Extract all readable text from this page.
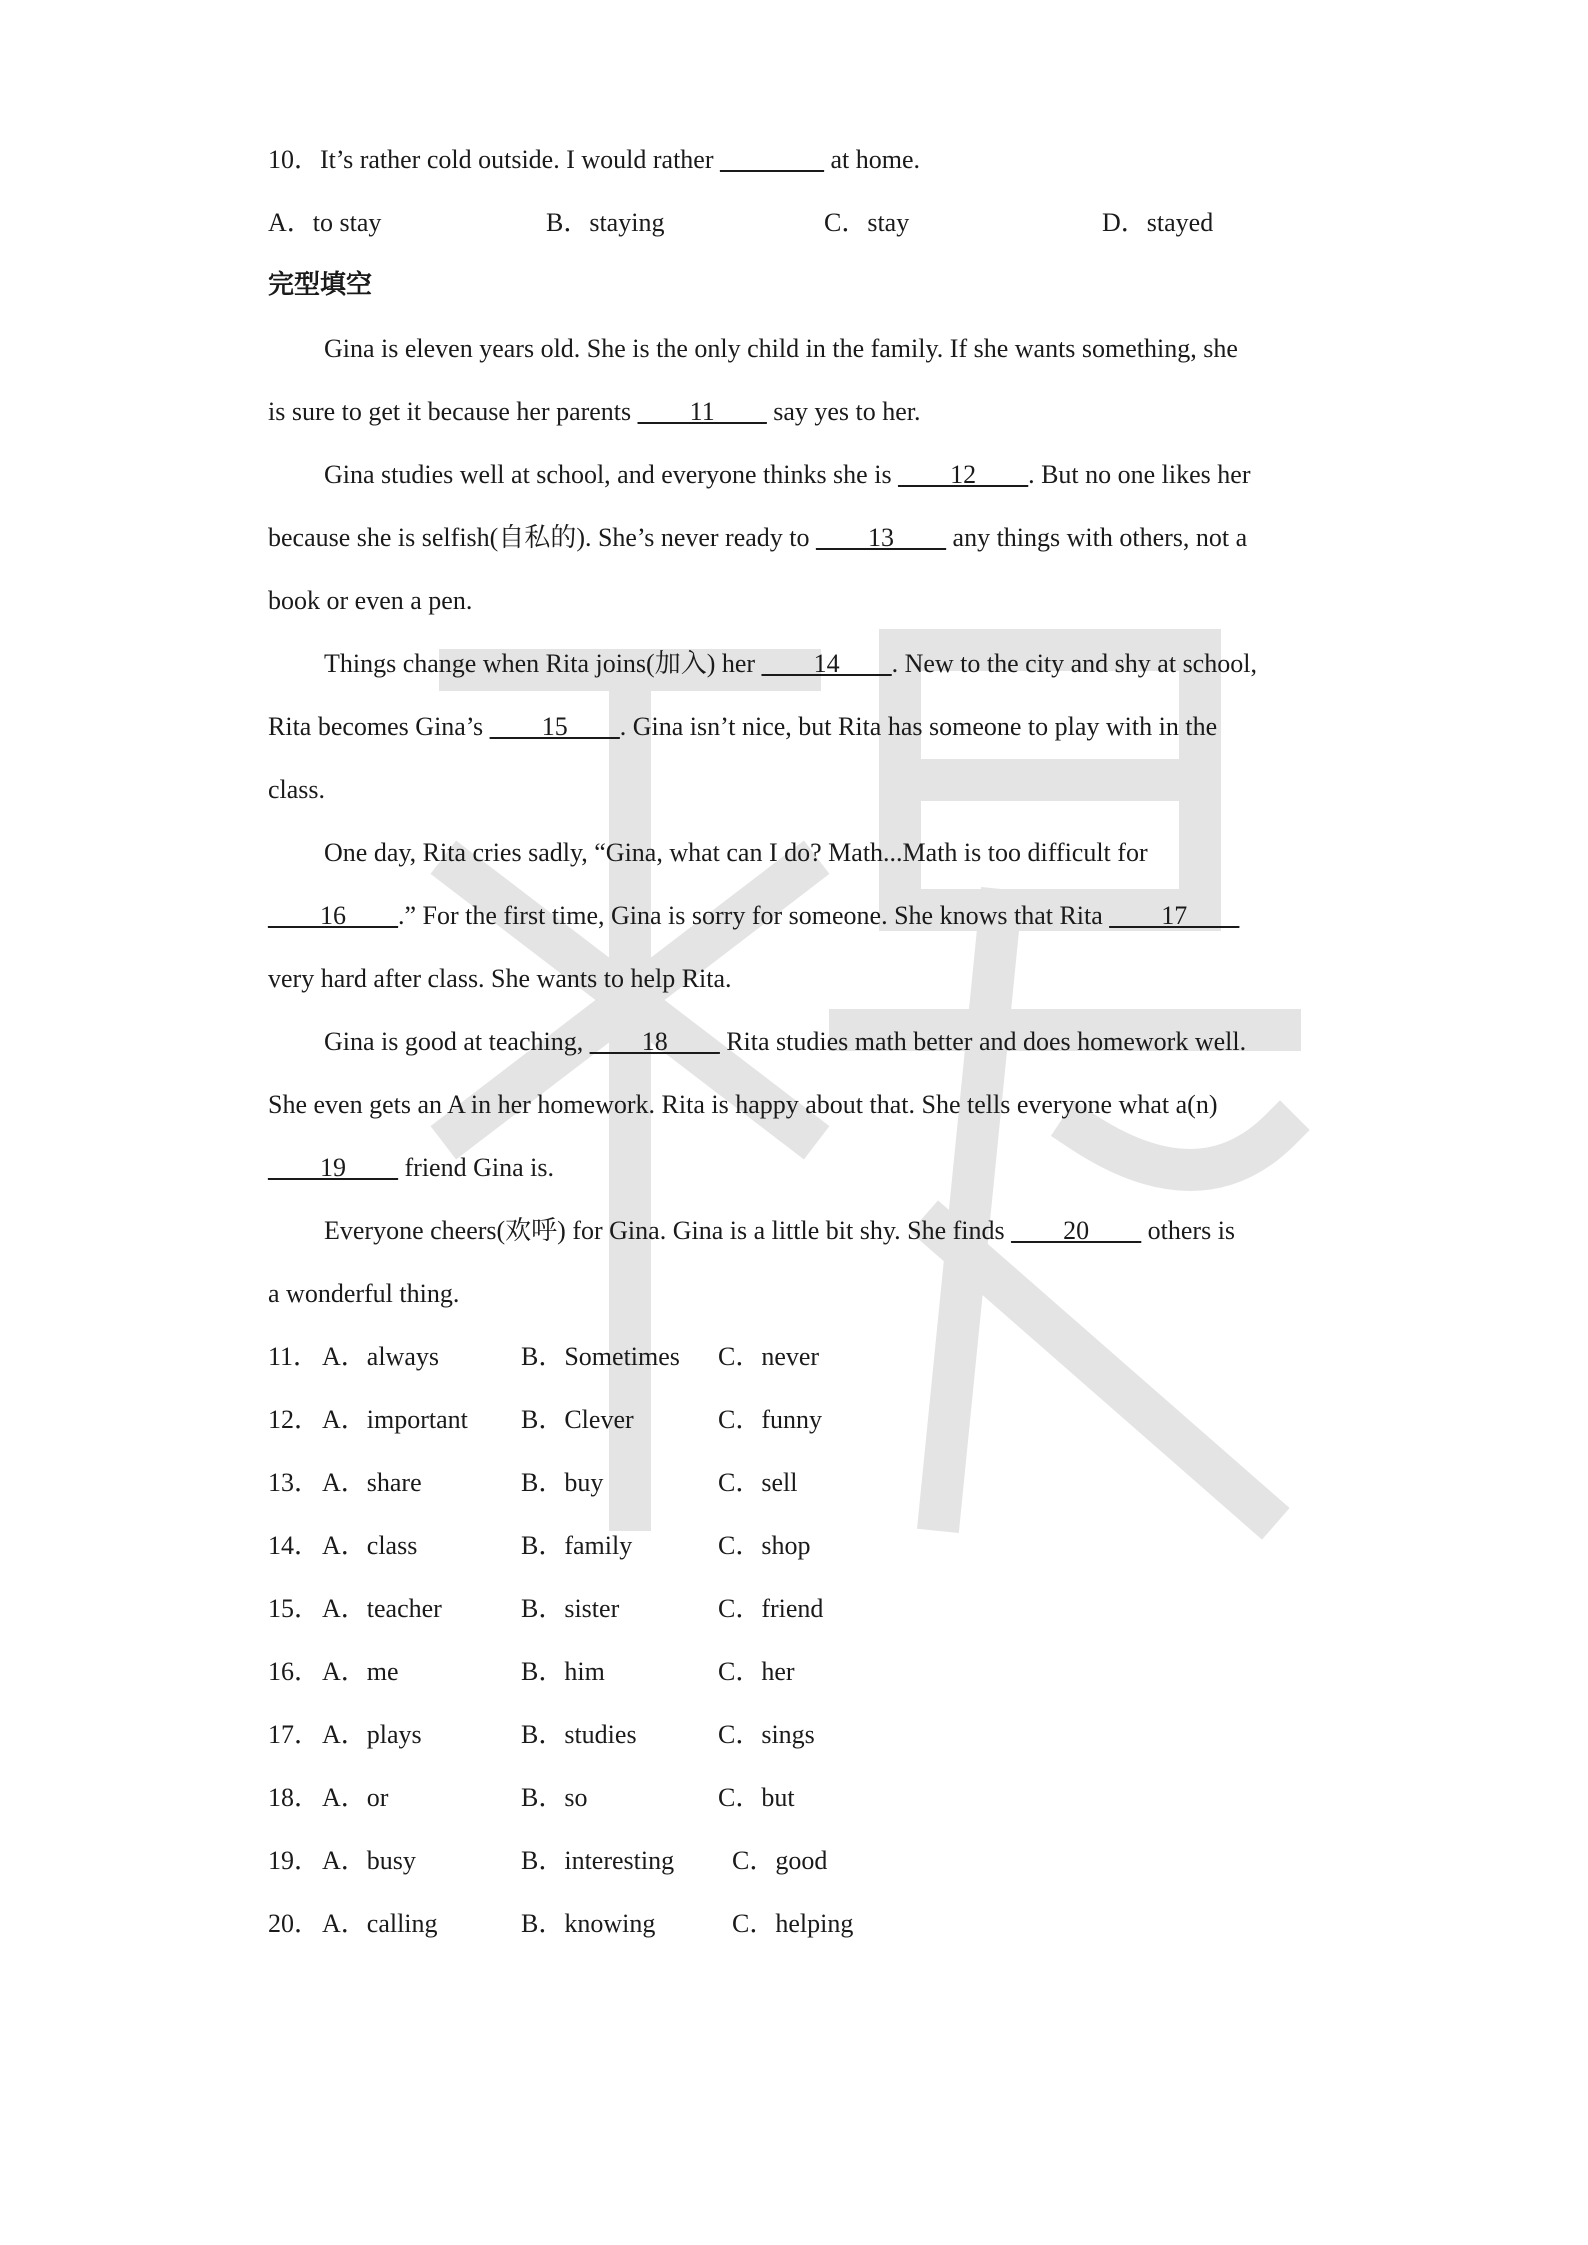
10．It’s rather cold outside. I would rather ________ at home.
A．to stay	B．staying	C．stay	D．stayed
完型填空
Gina is eleven years old. She is the only child in the family. If she wants something, she
is sure to get it because her parents ____11____ say yes to her.
Gina studies well at school, and everyone thinks she is ____12____. But no one likes her
because she is selfish(自私的). She’s never ready to ____13____ any things with others, not a
book or even a pen.
Things change when Rita joins(加入) her ____14____. New to the city and shy at school,
Rita becomes Gina’s ____15____. Gina isn’t nice, but Rita has someone to play with in the
class.
One day, Rita cries sadly, “Gina, what can I do? Math...Math is too difficult for
____16____.” For the first time, Gina is sorry for someone. She knows that Rita ____17____
very hard after class. She wants to help Rita.
Gina is good at teaching, ____18____ Rita studies math better and does homework well.
She even gets an A in her homework. Rita is happy about that. She tells everyone what a(n)
____19____ friend Gina is.
Everyone cheers(欢呼) for Gina. Gina is a little bit shy. She finds ____20____ others is
a wonderful thing.
11． A．always	B．Sometimes C．never
12． A．important B．Clever	C．funny
13． A．share	B．buy	C．sell
14． A．class	B．family	C．shop
15． A．teacher	B．sister	C．friend
16． A．me	B．him	C．her
17． A．plays	B．studies	C．sings
18． A．or	B．so	C．but
19． A．busy	B．interesting C．good
20． A．calling	B．knowing	C．helping
